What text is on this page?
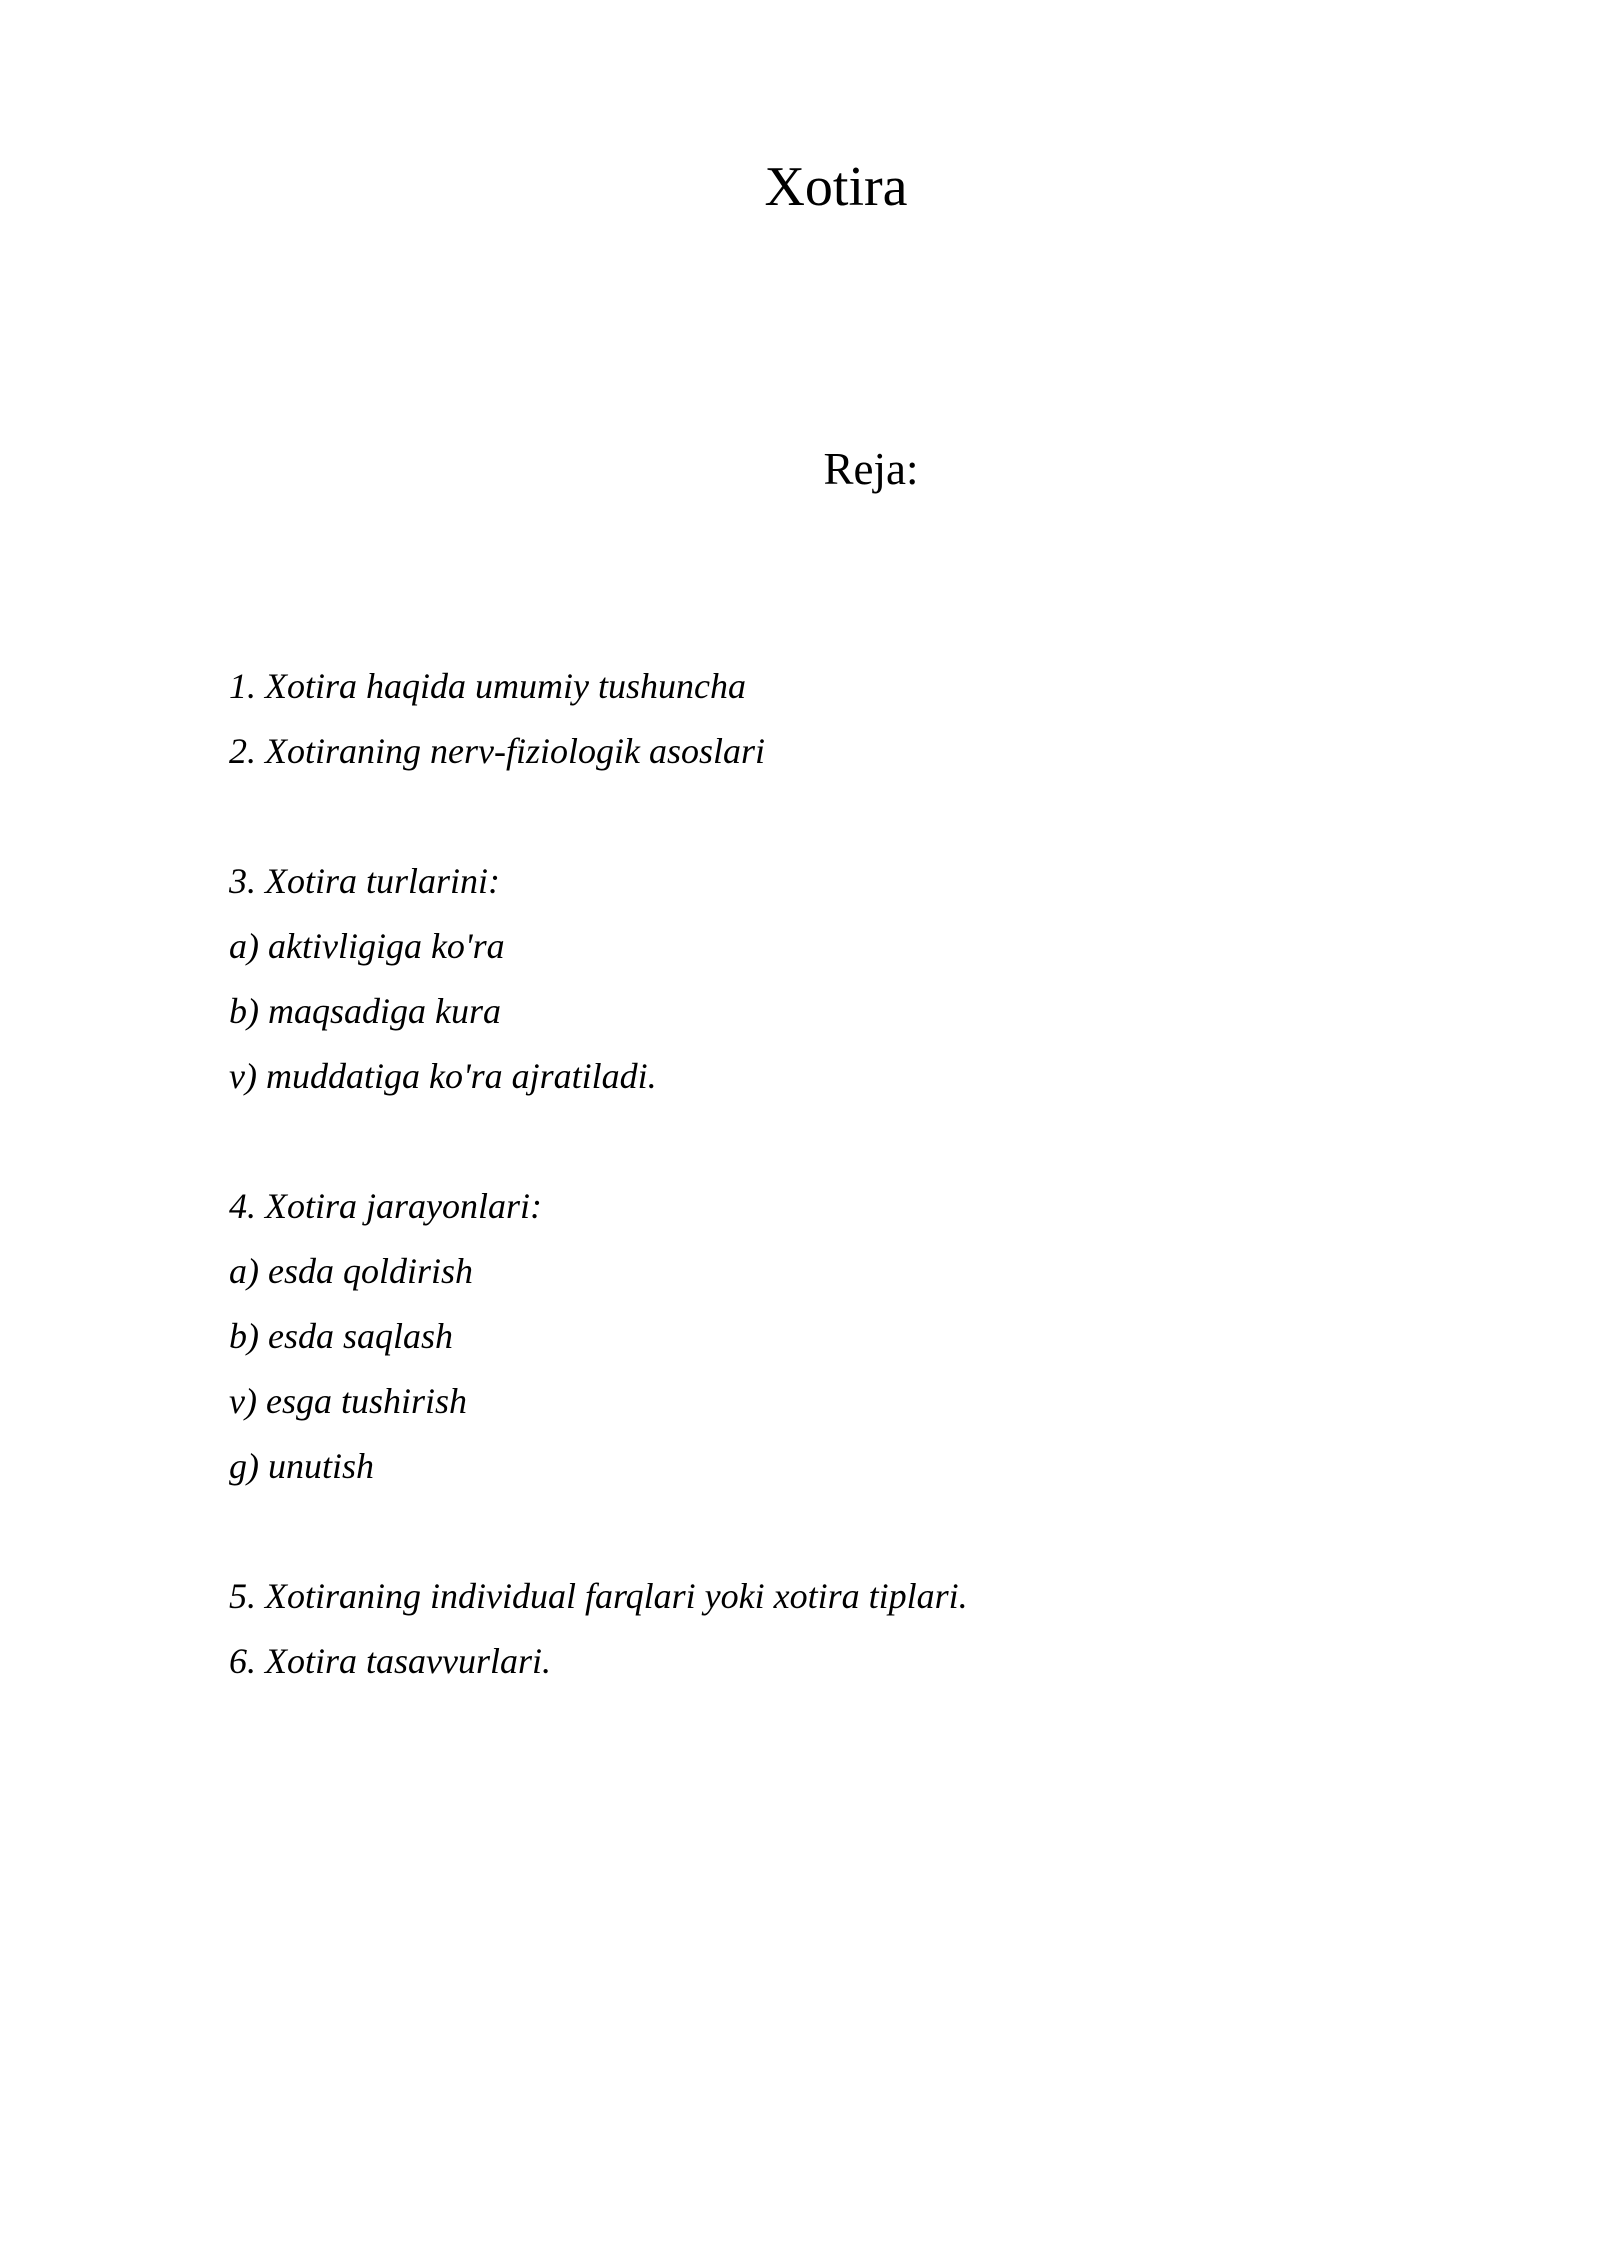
Xotira
Reja:
1. Xotira haqida umumiy tushuncha
2. Xotiraning nerv-fiziologik asoslari
3. Xotira turlarini:
a) aktivligiga ko'ra
b) maqsadiga kura
v) muddatiga ko'ra ajratiladi.
4. Xotira jarayonlari:
a) esda qoldirish
b) esda saqlash
v) esga tushirish
g) unutish
5. Xotiraning individual farqlari yoki xotira tiplari.
6. Xotira tasavvurlari.
